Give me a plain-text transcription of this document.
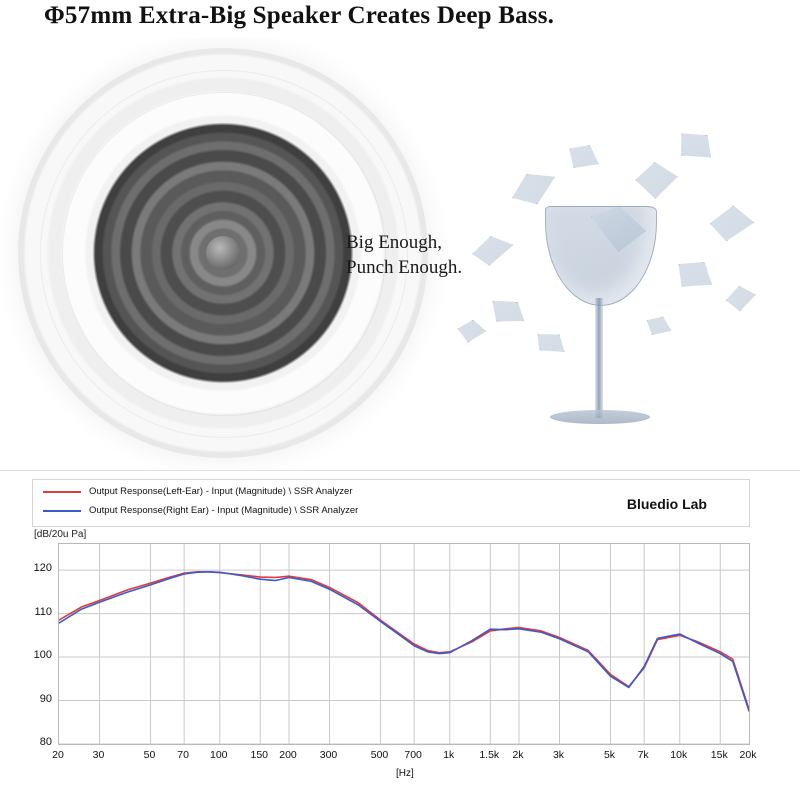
Φ57mm Extra-Big Speaker Creates Deep Bass.
Big Enough,
Punch Enough.
Output Response(Left-Ear) - Input (Magnitude) \ SSR Analyzer
Output Response(Right Ear) - Input (Magnitude) \ SSR Analyzer	Bluedio Lab
[dB/20u Pa]
80
90
100
110
120
20	30	50 70 100 150 200 300	500 700 1k 1.5k 2k	3k	5k 7k 10k 15k 20k
[Hz]
